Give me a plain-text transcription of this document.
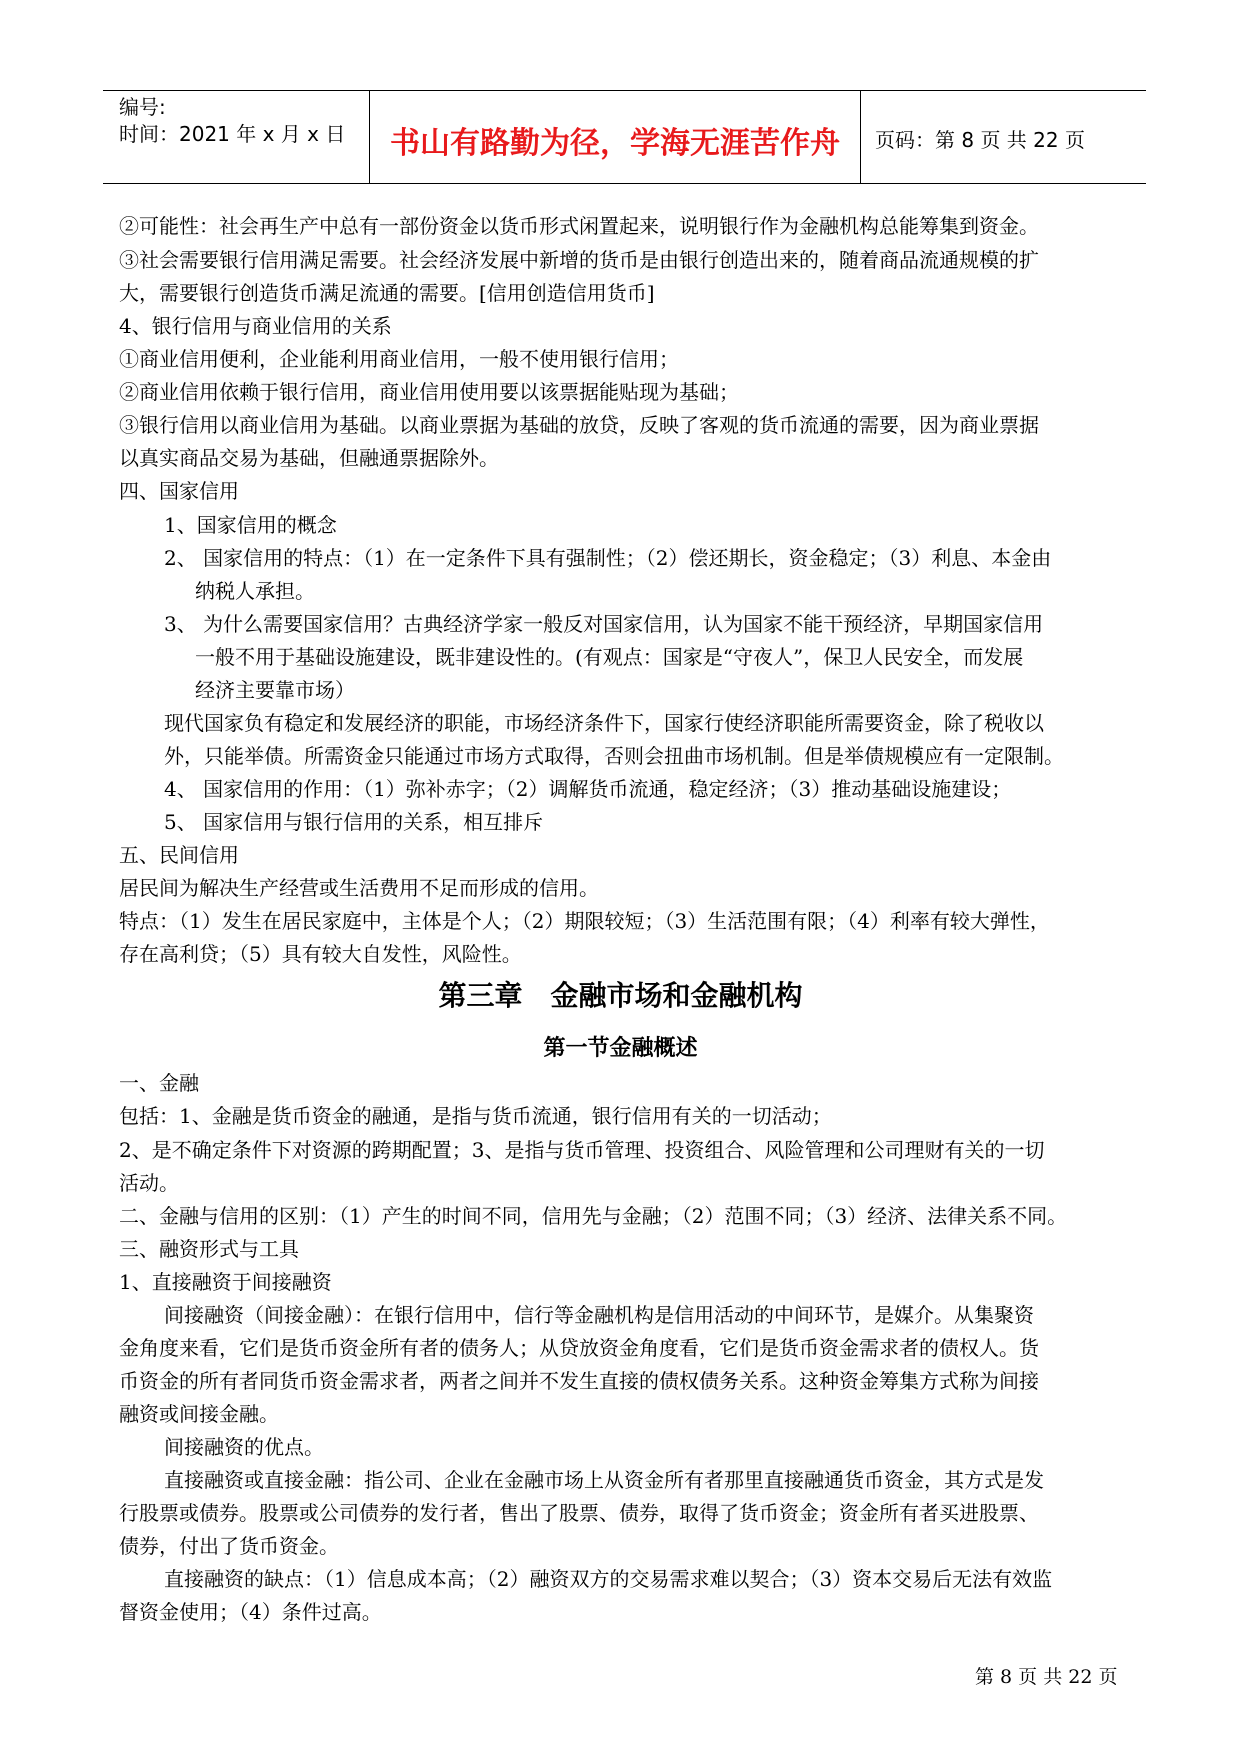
编号:
时间：2021 年 x 月 x 日	书山有路勤为径，学海无涯苦作舟	页码：第 8 页 共 22 页
②可能性：社会再生产中总有一部份资金以货币形式闲置起来，说明银行作为金融机构总能筹集到资金。
③社会需要银行信用满足需要。社会经济发展中新增的货币是由银行创造出来的，随着商品流通规模的扩
大，需要银行创造货币满足流通的需要。[信用创造信用货币]
4、银行信用与商业信用的关系
①商业信用便利，企业能利用商业信用，一般不使用银行信用；
②商业信用依赖于银行信用，商业信用使用要以该票据能贴现为基础；
③银行信用以商业信用为基础。以商业票据为基础的放贷，反映了客观的货币流通的需要，因为商业票据
以真实商品交易为基础，但融通票据除外。
四、国家信用
1、国家信用的概念
2、 国家信用的特点：（1）在一定条件下具有强制性；（2）偿还期长，资金稳定；（3）利息、本金由
纳税人承担。
3、 为什么需要国家信用？古典经济学家一般反对国家信用，认为国家不能干预经济，早期国家信用
一般不用于基础设施建设，既非建设性的。(有观点：国家是“守夜人”，保卫人民安全，而发展
经济主要靠市场）
现代国家负有稳定和发展经济的职能，市场经济条件下，国家行使经济职能所需要资金，除了税收以
外，只能举债。所需资金只能通过市场方式取得，否则会扭曲市场机制。但是举债规模应有一定限制。
4、 国家信用的作用：（1）弥补赤字；（2）调解货币流通，稳定经济；（3）推动基础设施建设；
5、 国家信用与银行信用的关系，相互排斥
五、民间信用
居民间为解决生产经营或生活费用不足而形成的信用。
特点：（1）发生在居民家庭中，主体是个人；（2）期限较短；（3）生活范围有限；（4）利率有较大弹性，
存在高利贷；（5）具有较大自发性，风险性。
第三章　金融市场和金融机构
第一节金融概述
一、金融
包括：1、金融是货币资金的融通，是指与货币流通，银行信用有关的一切活动；
2、是不确定条件下对资源的跨期配置；3、是指与货币管理、投资组合、风险管理和公司理财有关的一切
活动。
二、金融与信用的区别：（1）产生的时间不同，信用先与金融；（2）范围不同；（3）经济、法律关系不同。
三、融资形式与工具
1、直接融资于间接融资
间接融资（间接金融）：在银行信用中，信行等金融机构是信用活动的中间环节，是媒介。从集聚资
金角度来看，它们是货币资金所有者的债务人；从贷放资金角度看，它们是货币资金需求者的债权人。货
币资金的所有者同货币资金需求者，两者之间并不发生直接的债权债务关系。这种资金筹集方式称为间接
融资或间接金融。
间接融资的优点。
直接融资或直接金融：指公司、企业在金融市场上从资金所有者那里直接融通货币资金，其方式是发
行股票或债券。股票或公司债券的发行者，售出了股票、债券，取得了货币资金；资金所有者买进股票、
债券，付出了货币资金。
直接融资的缺点：（1）信息成本高；（2）融资双方的交易需求难以契合；（3）资本交易后无法有效监
督资金使用；（4）条件过高。
第 8 页 共 22 页
